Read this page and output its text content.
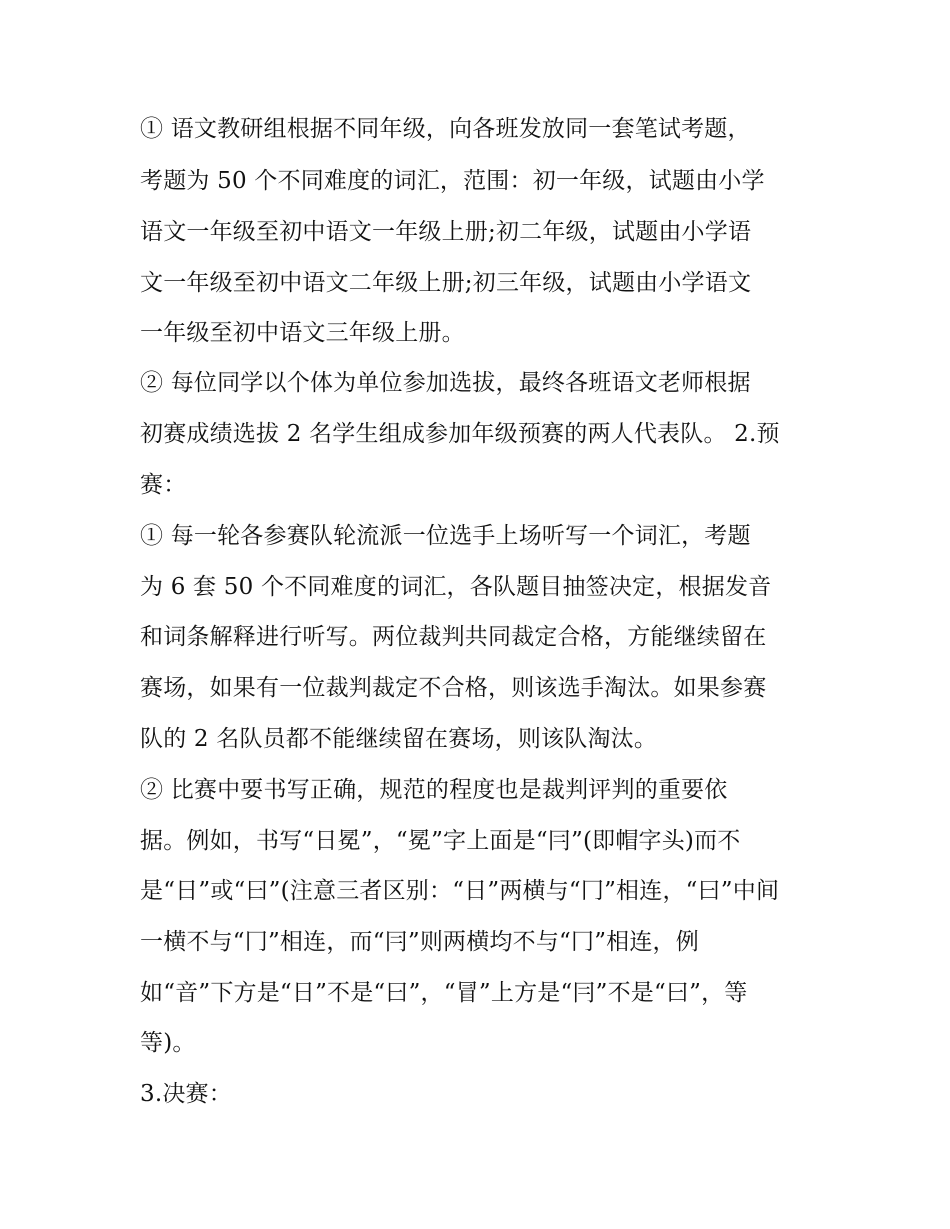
① 语文教研组根据不同年级，向各班发放同一套笔试考题，
考题为 50 个不同难度的词汇，范围：初一年级，试题由小学
语文一年级至初中语文一年级上册;初二年级，试题由小学语
文一年级至初中语文二年级上册;初三年级，试题由小学语文
一年级至初中语文三年级上册。
② 每位同学以个体为单位参加选拔，最终各班语文老师根据
初赛成绩选拔 2 名学生组成参加年级预赛的两人代表队。 2.预
赛：
① 每一轮各参赛队轮流派一位选手上场听写一个词汇，考题
为 6 套 50 个不同难度的词汇，各队题目抽签决定，根据发音
和词条解释进行听写。两位裁判共同裁定合格，方能继续留在
赛场，如果有一位裁判裁定不合格，则该选手淘汰。如果参赛
队的 2 名队员都不能继续留在赛场，则该队淘汰。
② 比赛中要书写正确，规范的程度也是裁判评判的重要依
据。例如，书写“日冕”，“冕”字上面是“冃”(即帽字头)而不
是“日”或“曰”(注意三者区别：“日”两横与“冂”相连，“曰”中间
一横不与“冂”相连，而“冃”则两横均不与“冂”相连，例
如“音”下方是“日”不是“曰”，“冒”上方是“冃”不是“曰”，等
等)。
3.决赛：
